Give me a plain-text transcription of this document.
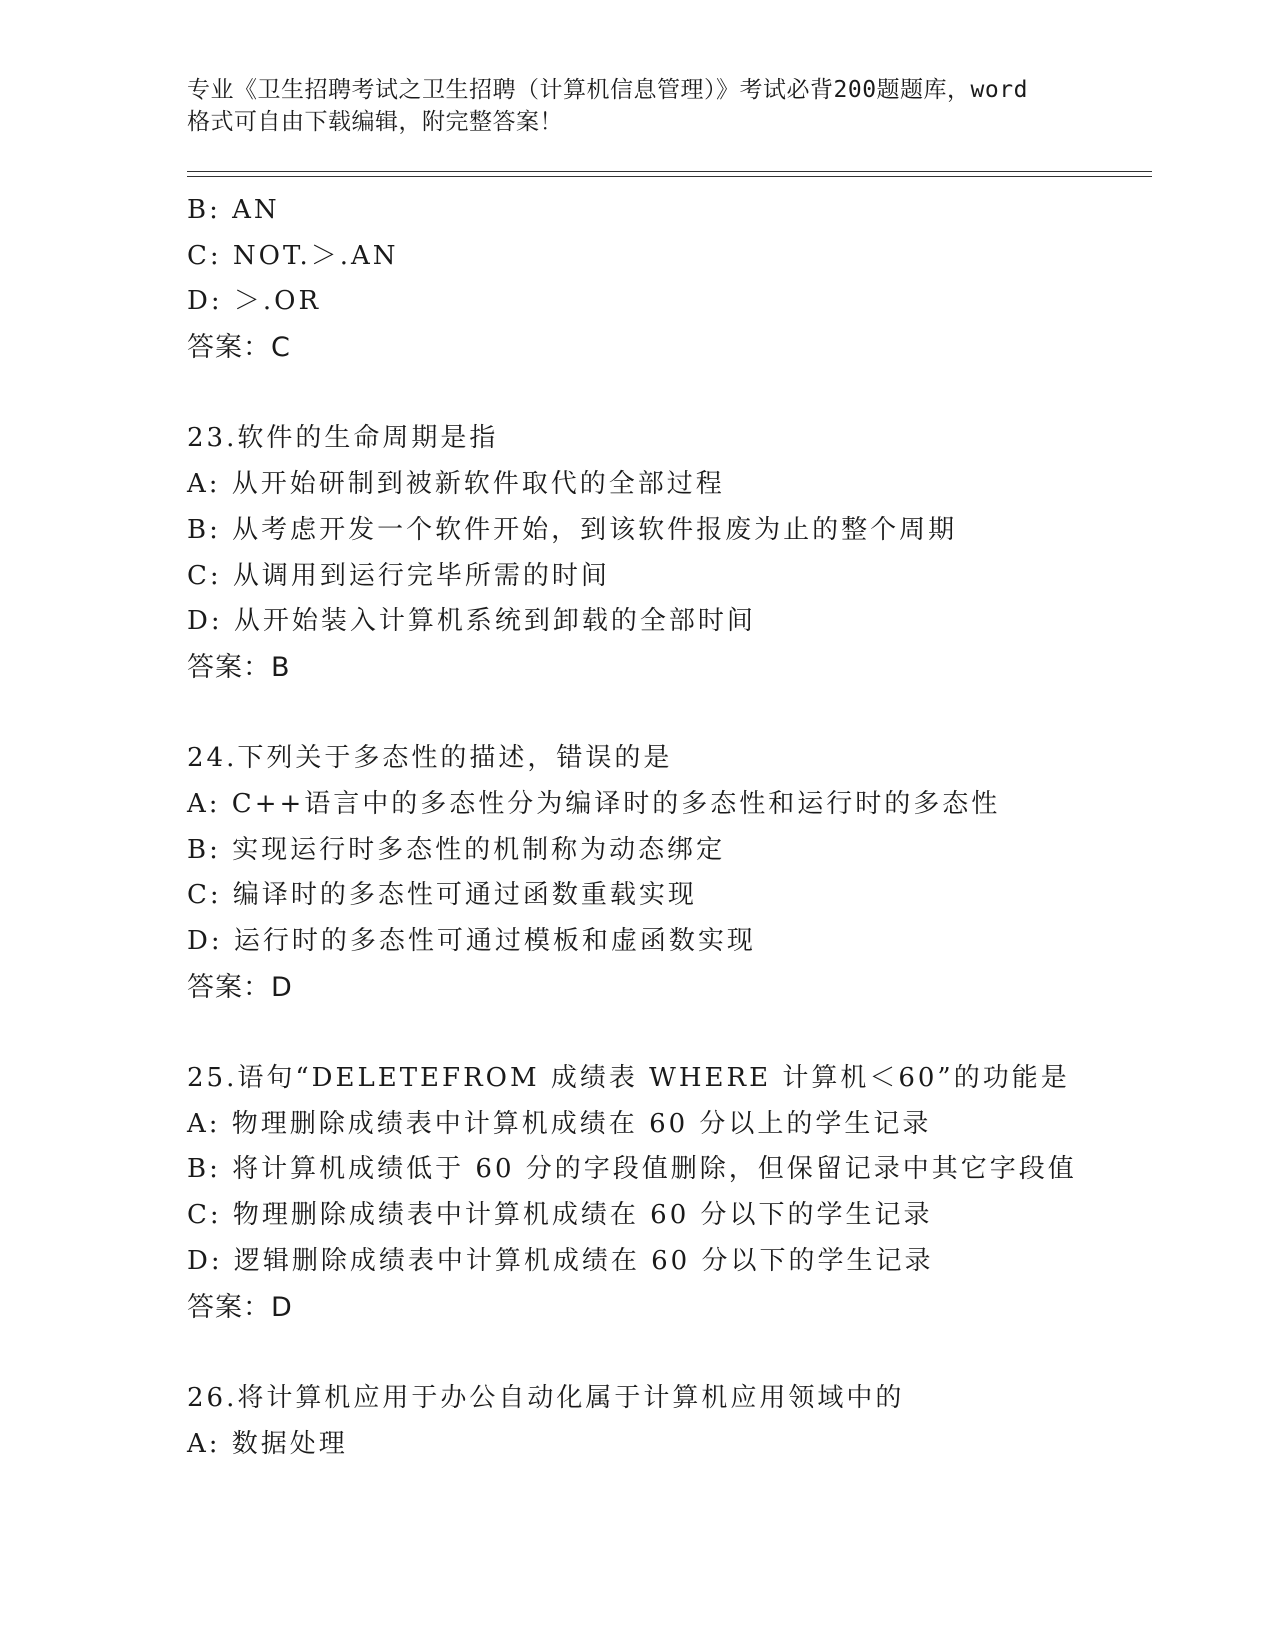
专业《卫生招聘考试之卫生招聘（计算机信息管理）》考试必背200题题库，word
格式可自由下载编辑，附完整答案！
B: AN
C: NOT.＞.AN
D: ＞.OR
答案：C
23.软件的生命周期是指
A: 从开始研制到被新软件取代的全部过程
B: 从考虑开发一个软件开始，到该软件报废为止的整个周期
C: 从调用到运行完毕所需的时间
D: 从开始装入计算机系统到卸载的全部时间
答案：B
24.下列关于多态性的描述，错误的是
A: C++语言中的多态性分为编译时的多态性和运行时的多态性
B: 实现运行时多态性的机制称为动态绑定
C: 编译时的多态性可通过函数重载实现
D: 运行时的多态性可通过模板和虚函数实现
答案：D
25.语句“DELETEFROM 成绩表 WHERE 计算机＜60”的功能是
A: 物理删除成绩表中计算机成绩在 60 分以上的学生记录
B: 将计算机成绩低于 60 分的字段值删除，但保留记录中其它字段值
C: 物理删除成绩表中计算机成绩在 60 分以下的学生记录
D: 逻辑删除成绩表中计算机成绩在 60 分以下的学生记录
答案：D
26.将计算机应用于办公自动化属于计算机应用领域中的
A: 数据处理
